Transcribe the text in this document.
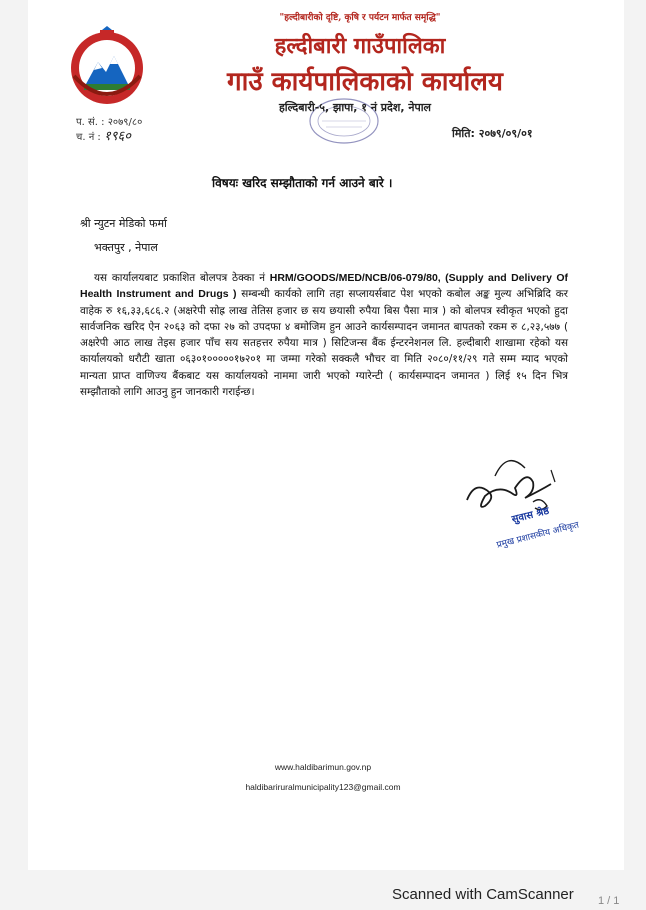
"हल्दीबारीको दृष्टि, कृषि र पर्यटन मार्फत समृद्धि"
हल्दीबारी गाउँपालिका
गाउँ कार्यपालिकाको कार्यालय
हल्दिबारी-५, झापा, १ नं प्रदेश, नेपाल
प. सं. : २०७९/८०
च. नं : १९६०	मिति: २०७९/०९/०१
विषयः खरिद सम्झौताको गर्न आउने बारे ।
श्री न्युटन मेडिको फर्मा
भक्तपुर , नेपाल
यस कार्यालयबाट प्रकाशित बोलपत्र ठेक्का नं HRM/GOODS/MED/NCB/06-079/80, (Supply and Delivery Of Health Instrument and Drugs ) सम्बन्धी कार्यको लागि तहा सप्लायर्सबाट पेश भएको कबोल अङ्क मुल्य अभिब्रिदि कर वाहेक रु १६,३३,६८६.२ (अक्षरेपी सोह्र लाख तेतिस हजार छ सय छयासी रुपैया बिस पैसा मात्र ) को बोलपत्र स्वीकृत भएको हुदा सार्वजनिक खरिद ऐन २०६३ को दफा २७ को उपदफा ४ बमोजिम हुन आउने कार्यसम्पादन जमानत बापतको रकम रु ८,२३,५७७ ( अक्षरेपी आठ लाख तेइस हजार पाँच सय सतहत्तर रुपैया मात्र ) सिटिजन्स बैंक ईन्टरनेशनल लि. हल्दीबारी शाखामा रहेको यस कार्यालयको धरौटी खाता ०६३०१०००००१७२०१ मा जम्मा गरेको सक्कलै भौचर वा मिति २०८०/११/२९ गते सम्म म्याद भएको मान्यता प्राप्त वाणिज्य बैंकबाट यस कार्यालयको नाममा जारी भएको ग्यारेन्टी ( कार्यसम्पादन जमानत ) लिई १५ दिन भित्र सम्झौताको लागि आउनु हुन जानकारी गराईन्छ।
सुवास श्रेष्ठ
प्रमुख प्रशासकीय अधिकृत
www.haldibarimun.gov.np
haldibariruralmunicipality123@gmail.com
Scanned with CamScanner 1 / 1
